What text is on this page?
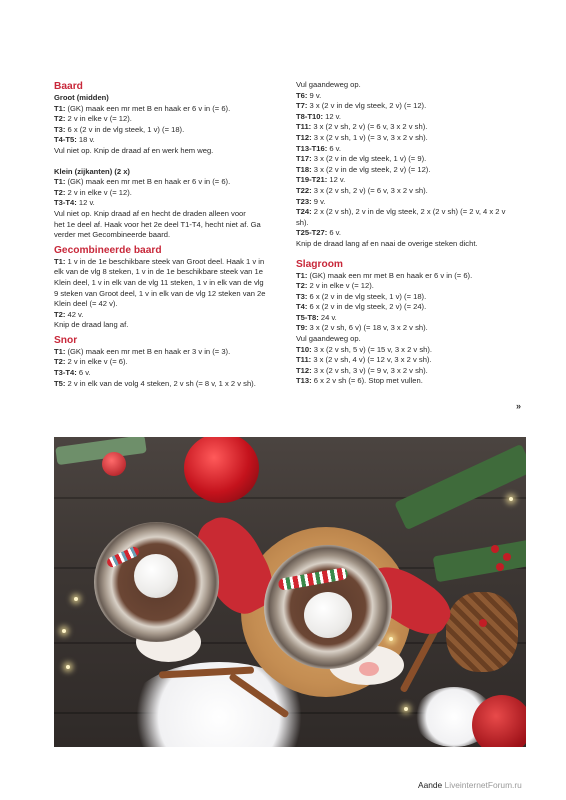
Baard
Groot (midden)
T1: (GK) maak een mr met B en haak er 6 v in (= 6).
T2: 2 v in elke v (= 12).
T3: 6 x (2 v in de vlg steek, 1 v) (= 18).
T4-T5: 18 v.
Vul niet op. Knip de draad af en werk hem weg.
Klein (zijkanten) (2 x)
T1: (GK) maak een mr met B en haak er 6 v in (= 6).
T2: 2 v in elke v (= 12).
T3-T4: 12 v.
Vul niet op. Knip draad af en hecht de draden alleen voor
het 1e deel af. Haak voor het 2e deel T1-T4, hecht niet af. Ga
verder met Gecombineerde baard.
Gecombineerde baard
T1: 1 v in de 1e beschikbare steek van Groot deel. Haak 1 v in
elk van de vlg 8 steken, 1 v in de 1e beschikbare steek van 1e
Klein deel, 1 v in elk van de vlg 11 steken, 1 v in elk van de vlg
9 steken van Groot deel, 1 v in elk van de vlg 12 steken van 2e
Klein deel (= 42 v).
T2: 42 v.
Knip de draad lang af.
Snor
T1: (GK) maak een mr met B en haak er 3 v in (= 3).
T2: 2 v in elke v (= 6).
T3-T4: 6 v.
T5: 2 v in elk van de volg 4 steken, 2 v sh (= 8 v, 1 x 2 v sh).
Vul gaandeweg op.
T6: 9 v.
T7: 3 x (2 v in de vlg steek, 2 v) (= 12).
T8-T10: 12 v.
T11: 3 x (2 v sh, 2 v) (= 6 v, 3 x 2 v sh).
T12: 3 x (2 v sh, 1 v) (= 3 v, 3 x 2 v sh).
T13-T16: 6 v.
T17: 3 x (2 v in de vlg steek, 1 v) (= 9).
T18: 3 x (2 v in de vlg steek, 2 v) (= 12).
T19-T21: 12 v.
T22: 3 x (2 v sh, 2 v) (= 6 v, 3 x 2 v sh).
T23: 9 v.
T24: 2 x (2 v sh), 2 v in de vlg steek, 2 x (2 v sh) (= 2 v, 4 x 2 v
sh).
T25-T27: 6 v.
Knip de draad lang af en naai de overige steken dicht.
Slagroom
T1: (GK) maak een mr met B en haak er 6 v in (= 6).
T2: 2 v in elke v (= 12).
T3: 6 x (2 v in de vlg steek, 1 v) (= 18).
T4: 6 x (2 v in de vlg steek, 2 v) (= 24).
T5-T8: 24 v.
T9: 3 x (2 v sh, 6 v) (= 18 v, 3 x 2 v sh).
Vul gaandeweg op.
T10: 3 x (2 v sh, 5 v) (= 15 v, 3 x 2 v sh).
T11: 3 x (2 v sh, 4 v) (= 12 v, 3 x 2 v sh).
T12: 3 x (2 v sh, 3 v) (= 9 v, 3 x 2 v sh).
T13: 6 x 2 v sh (= 6). Stop met vullen.
»
Aande LiveinternetForum.ru
